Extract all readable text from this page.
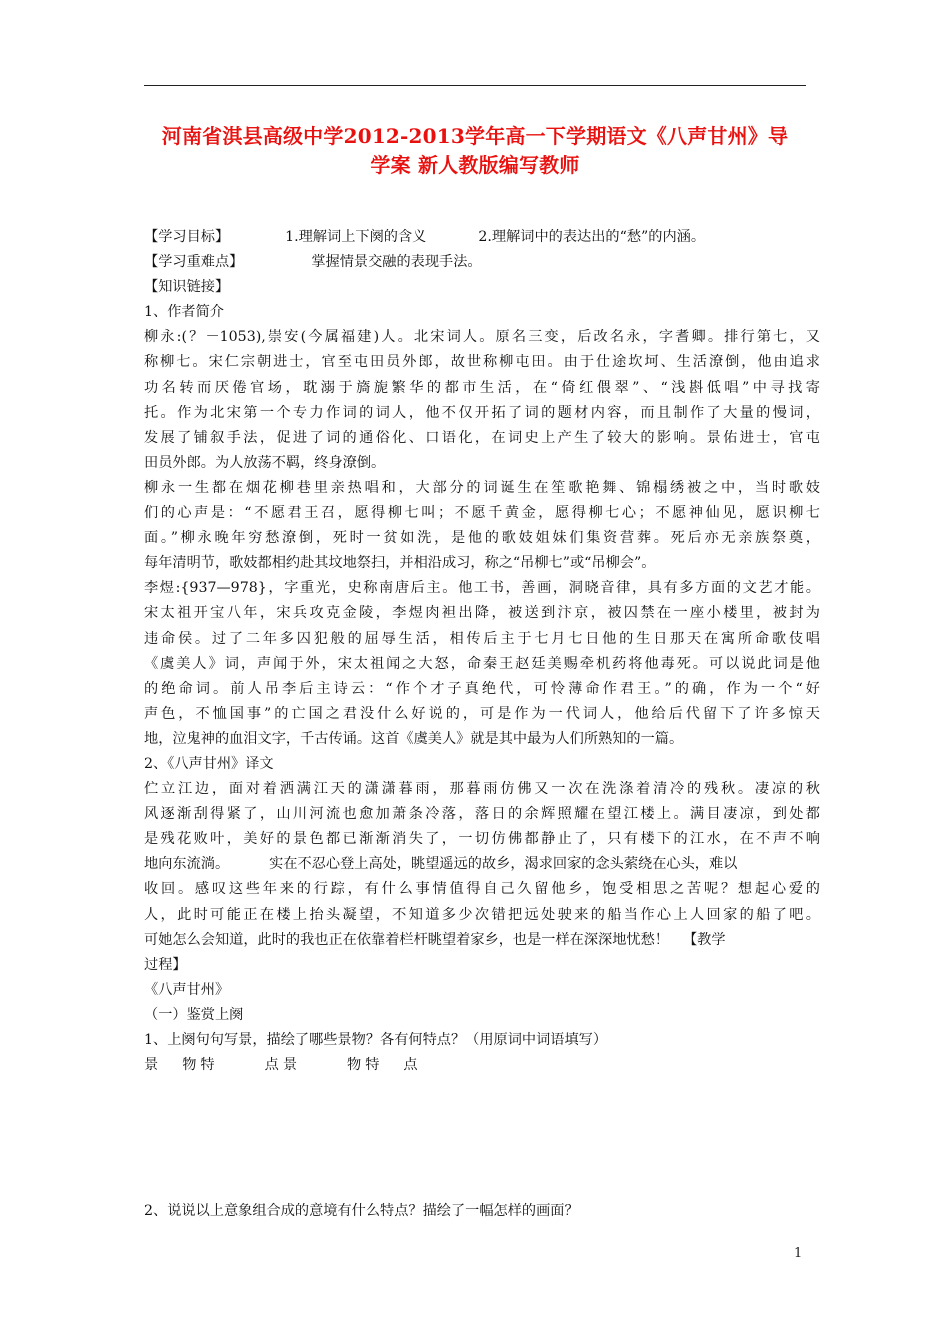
河南省淇县高级中学2012-2013学年高一下学期语文《八声甘州》导
学案 新人教版编写教师
【学习目标】	1.理解词上下阕的含义	2.理解词中的表达出的“愁”的内涵。
【学习重难点】	掌握情景交融的表现手法。
【知识链接】
1、作者简介
柳永:(？－1053),崇安(今属福建)人。北宋词人。原名三变，后改名永，字耆卿。排行第七，又
称柳七。宋仁宗朝进士，官至屯田员外郎，故世称柳屯田。由于仕途坎坷、生活潦倒，他由追求
功名转而厌倦官场，耽溺于旖旎繁华的都市生活，在“倚红偎翠”、“浅斟低唱”中寻找寄
托。作为北宋第一个专力作词的词人，他不仅开拓了词的题材内容，而且制作了大量的慢词，
发展了铺叙手法，促进了词的通俗化、口语化，在词史上产生了较大的影响。景佑进士，官屯
田员外郎。为人放荡不羁，终身潦倒。
柳永一生都在烟花柳巷里亲热唱和，大部分的词诞生在笙歌艳舞、锦榻绣被之中，当时歌妓
们的心声是：“不愿君王召，愿得柳七叫；不愿千黄金，愿得柳七心；不愿神仙见，愿识柳七
面。”柳永晚年穷愁潦倒，死时一贫如洗，是他的歌妓姐妹们集资营葬。死后亦无亲族祭奠，
每年清明节，歌妓都相约赴其坟地祭扫，并相沿成习，称之“吊柳七”或“吊柳会”。
李煜:{937—978}，字重光，史称南唐后主。他工书，善画，洞晓音律，具有多方面的文艺才能。
宋太祖开宝八年，宋兵攻克金陵，李煜肉袒出降，被送到汴京，被囚禁在一座小楼里，被封为
违命侯。过了二年多囚犯般的屈辱生活，相传后主于七月七日他的生日那天在寓所命歌伎唱
《虞美人》词，声闻于外，宋太祖闻之大怒，命秦王赵廷美赐牵机药将他毒死。可以说此词是他
的绝命词。前人吊李后主诗云：“作个才子真绝代，可怜薄命作君王。”的确，作为一个“好
声色，不恤国事”的亡国之君没什么好说的，可是作为一代词人，他给后代留下了许多惊天
地，泣鬼神的血泪文字，千古传诵。这首《虞美人》就是其中最为人们所熟知的一篇。
2、《八声甘州》译文
伫立江边，面对着洒满江天的潇潇暮雨，那暮雨仿佛又一次在洗涤着清冷的残秋。凄凉的秋
风逐渐刮得紧了，山川河流也愈加萧条冷落，落日的余辉照耀在望江楼上。满目凄凉，到处都
是残花败叶，美好的景色都已渐渐消失了，一切仿佛都静止了，只有楼下的江水，在不声不响
地向东流淌。	实在不忍心登上高处，眺望遥远的故乡，渴求回家的念头萦绕在心头，难以
收回。感叹这些年来的行踪，有什么事情值得自己久留他乡，饱受相思之苦呢？想起心爱的
人，此时可能正在楼上抬头凝望，不知道多少次错把远处驶来的船当作心上人回家的船了吧。
可她怎么会知道，此时的我也正在依靠着栏杆眺望着家乡，也是一样在深深地忧愁！ 【教学
过程】
《八声甘州》
（一）鉴赏上阕
1、上阕句句写景，描绘了哪些景物？各有何特点？（用原词中词语填写）
景 物 特	点 景	物 特 点
2、说说以上意象组合成的意境有什么特点？描绘了一幅怎样的画面？
1
